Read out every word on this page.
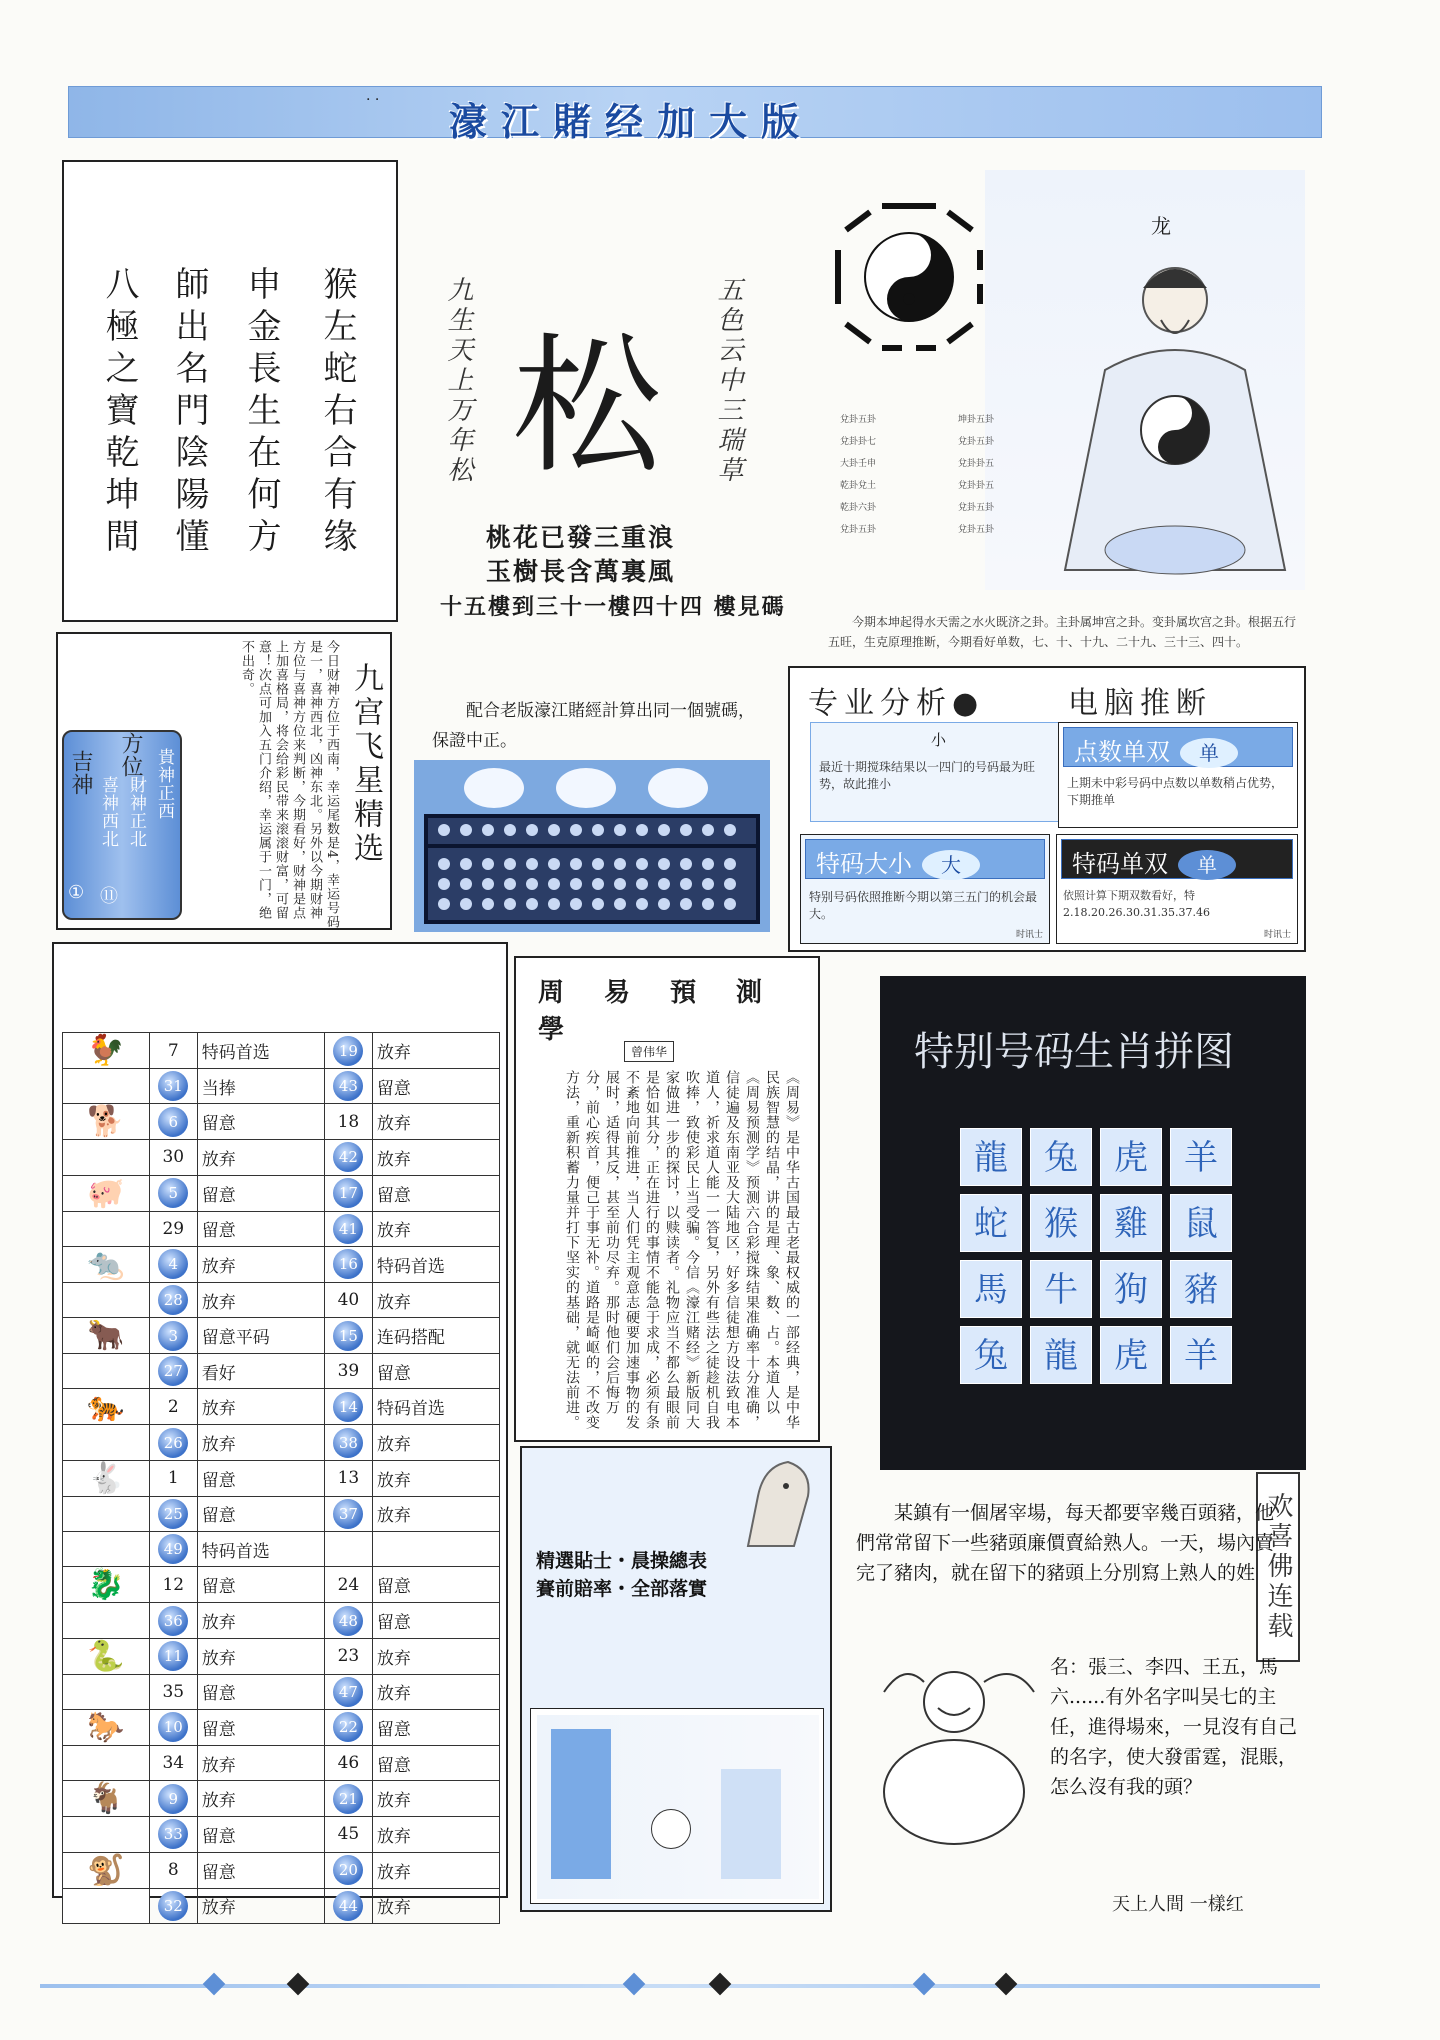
濠江賭经加大版
. .
猴左蛇右合有缘
申金長生在何方
師出名門陰陽懂
八極之寶乾坤間	九生天上万年松	五色云中三瑞草
松
桃花已發三重浪
玉樹長含萬裏風
十五樓到三十一樓四十四 樓見碼
配合老版濠江賭經計算出同一個號碼，保證中正。
龙
兌卦五卦
兌卦卦七
大卦壬申
乾卦兌土
乾卦六卦
兌卦五卦
坤卦五卦
兌卦五卦
兌卦卦五
兌卦卦五
兌卦五卦
兌卦五卦
今期本坤起得水天需之水火既济之卦。主卦属坤宫之卦。变卦属坎宫之卦。根据五行五旺，生克原理推断，今期看好单数，七、十、十九、二十九、三十三、四十。
九宫飞星精选
今日财神方位于西南，幸运尾数是4，幸运号码是一，喜神西北，凶神东北。另外以今期财神方位与喜神方位来判断，今期看好，财神是点上加喜格局，将会给彩民带来滚滚财富，可留意！次点可加入五门介绍，幸运属于一门，绝不出奇。
貴神正西
財神正北
喜神西北
方位
吉神
① ⑪
专业分析●	电脑推断
小
最近十期搅珠结果以一四门的号码最为旺势，故此推小
点数单双 单
上期未中彩号码中点数以单数稍占优势，下期推单
特码大小 大
特别号码依照推断今期以第三五门的机会最大。
时讯士
特码单双 单
依照计算下期双数看好，特2.18.20.26.30.31.35.37.46
时讯士
🐓	7	特码首选	19	放弃
	31	当捧	43	留意
🐕	6	留意	18	放弃
	30	放弃	42	放弃
🐖	5	留意	17	留意
	29	留意	41	放弃
🐀	4	放弃	16	特码首选
	28	放弃	40	放弃
🐂	3	留意平码	15	连码搭配
	27	看好	39	留意
🐅	2	放弃	14	特码首选
	26	放弃	38	放弃
🐇	1	留意	13	放弃
	25	留意	37	放弃
	49	特码首选		
🐉	12	留意	24	留意
	36	放弃	48	留意
🐍	11	放弃	23	放弃
	35	留意	47	放弃
🐎	10	留意	22	留意
	34	放弃	46	留意
🐐	9	放弃	21	放弃
	33	留意	45	放弃
🐒	8	留意	20	放弃
	32	放弃	44	放弃
周易預測學
曾伟华
《周易》是中华古国最古老最权威的一部经典，是中华民族智慧的结晶，讲的是理、象、数、占。本道人以《周易预测学》预测六合彩搅珠结果准确率十分准确，信徒遍及东南亚及大陆地区，好多信徒想方设法致电本道人，祈求道人能一一答复，另外有些法之徒趁机自我吹捧，致使彩民上当受骗。今信《濠江赌经》新版同大家做进一步的探讨，以赎读者。礼物应当不都么最眼前是恰如其分，正在进行的事情不能急于求成，必须有条不紊地向前推进，当人们凭主观意志硬要加速事物的发展时，适得其反，甚至前功尽弃。那时他们会后悔万分，前心疾首，便己于事无补。道路是崎岖的，不改变方法，重新积蓄力量并打下坚实的基础，就无法前进。
特别号码生肖拼图
龍	兔	虎	羊
蛇	猴	雞	鼠
馬	牛	狗	豬
兔	龍	虎	羊
精選貼士・晨操總表
賽前賠率・全部落實	欢喜佛连载
某鎮有一個屠宰場，每天都要宰幾百頭豬，他們常常留下一些豬頭廉價賣給熟人。一天，場內賣完了豬肉，就在留下的豬頭上分別寫上熟人的姓
名：張三、李四、王五，馬六......有外名字叫吴七的主任，進得場來，一見沒有自己的名字，使大發雷霆，混賬，怎么沒有我的頭？
天上人間 一樣红
